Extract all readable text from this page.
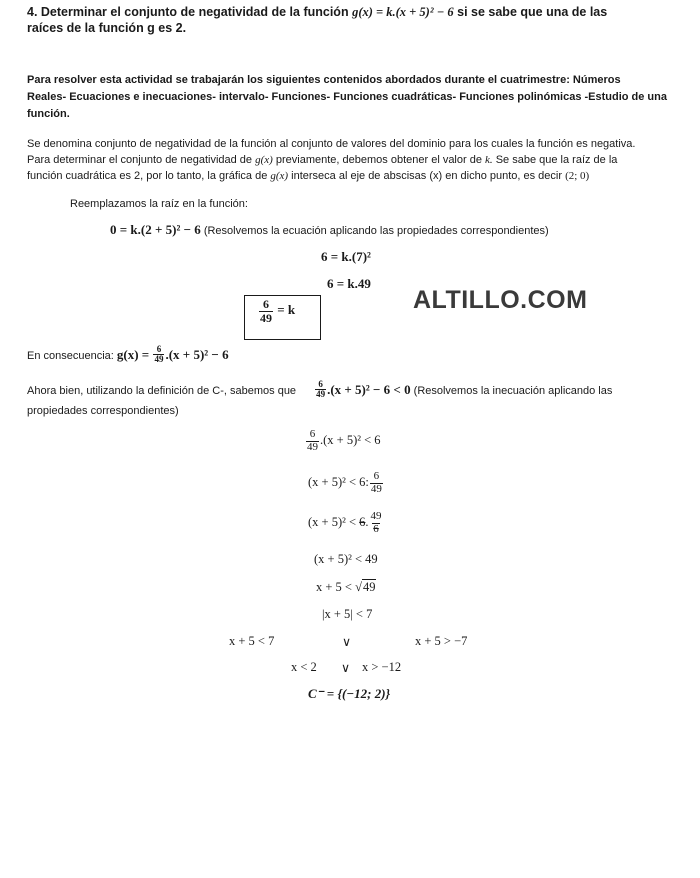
4. Determinar el conjunto de negatividad de la función g(x) = k.(x + 5)² − 6 si se sabe que una de las
raíces de la función g es 2.
Para resolver esta actividad se trabajarán los siguientes contenidos abordados durante el cuatrimestre: Números
Reales- Ecuaciones e inecuaciones- intervalo- Funciones- Funciones cuadráticas- Funciones polinómicas -Estudio de una
función.
Se denomina conjunto de negatividad de la función al conjunto de valores del dominio para los cuales la función es negativa.
Para determinar el conjunto de negatividad de g(x) previamente, debemos obtener el valor de k. Se sabe que la raíz de la
función cuadrática es 2, por lo tanto, la gráfica de g(x) interseca al eje de abscisas (x) en dicho punto, es decir (2; 0)
Reemplazamos la raíz en la función:
0 = k.(2 + 5)² − 6 (Resolvemos la ecuación aplicando las propiedades correspondientes)
6 = k.(7)²
6 = k.49
$\frac{6}{49} = k$	ALTILLO.COM
En consecuencia: $g(x) = \frac{6}{49} .(x + 5)^2 - 6$
Ahora bien, utilizando la definición de C-, sabemos que $\frac{6}{49} .(x + 5)^2 - 6 < 0$ (Resolvemos la inecuación aplicando las
propiedades correspondientes)
$\frac{6}{49} .(x + 5)^2 < 6$
(x + 5)² < 6: $\frac{6}{49}$
(x + 5)² < 6. $\frac{49}{6}$
(x + 5)² < 49
x + 5 < √49
|x + 5| < 7
x + 5 < 7	∨	x + 5 > −7
x < 2 ∨ x > −12
C⁻ = {(−12; 2)}
